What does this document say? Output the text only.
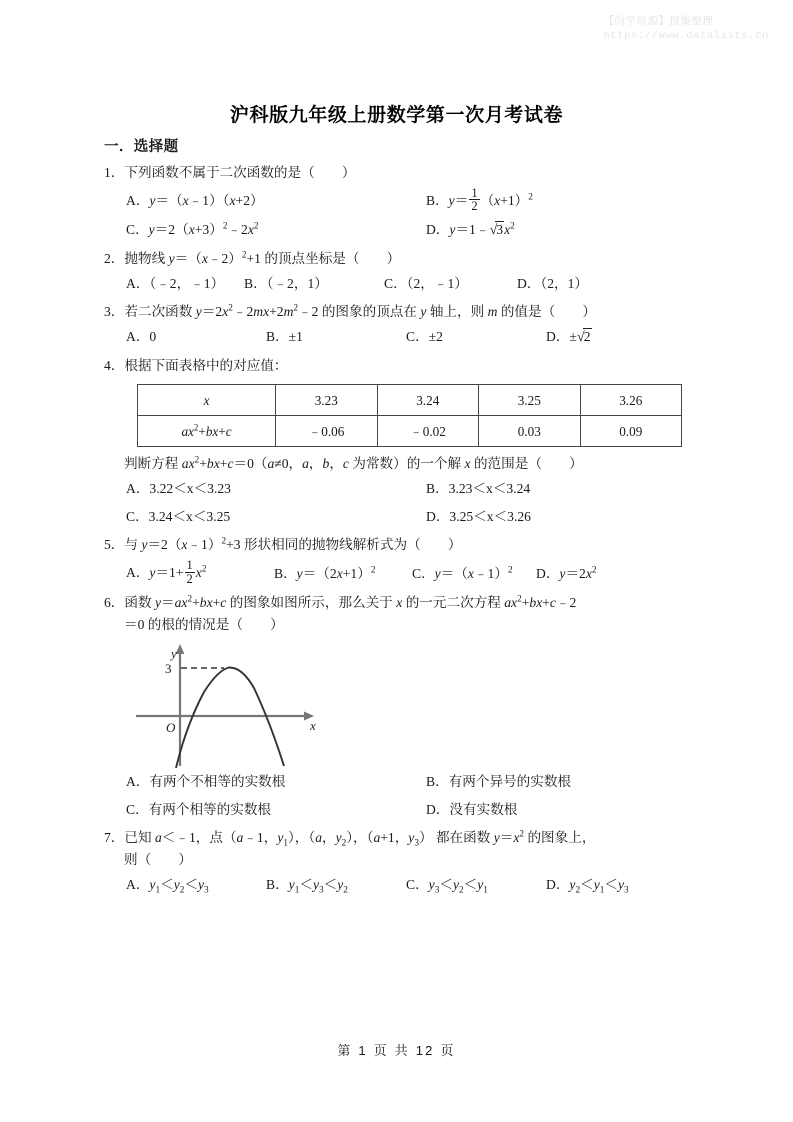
【尚学资源】搜集整理
https://www.datalists.cn
沪科版九年级上册数学第一次月考试卷
一．选择题
1．下列函数不属于二次函数的是（　　）
A．y＝（x﹣1）（x+2）	B．$y= \frac{1}{2} (x+1)^2$
C．$y=2(x+3)^2﹣2x^2$	D．$y=1﹣√3x^2$
2．抛物线 y＝（x﹣2）$^2$+1 的顶点坐标是（　　）
A．（﹣2，﹣1） B．（﹣2，1）	C．（2，﹣1）	D．（2，1）
3．若二次函数 $y=2x^2﹣2mx+2m^2﹣2$ 的图象的顶点在 y 轴上，则 m 的值是（　　）
A．0	B．±1	C．±2	D．±√2
4．根据下面表格中的对应值：
x	3.23	3.24	3.25	3.26
$ax^2+bx+c$	﹣0.06	﹣0.02	0.03	0.09
判断方程 $ax^2+bx+c=0(a\ne 0$，a，b，c 为常数）的一个解 x 的范围是（　　）
A．3.22＜x＜3.23	B．3.23＜x＜3.24
C．3.24＜x＜3.25	D．3.25＜x＜3.26
5．与 y＝2（x﹣1）$^2$+3 形状相同的抛物线解析式为（　　）
A．$y=1+ \frac{1}{2} x^2$	B．$y=(2x+1)^2$	C．y＝（x﹣1）$^2$ D．$y=2x^2$
6．函数 $y=ax^2+bx+c$ 的图象如图所示，那么关于 x 的一元二次方程 $ax^2+bx+c﹣2$
＝0 的根的情况是（　　）
y
x
O
3
A．有两个不相等的实数根	B．有两个异号的实数根
C．有两个相等的实数根	D．没有实数根
7．已知 a＜﹣1，点（a﹣1，$y_1$），（a，$y_2$），（a+1，$y_3$） 都在函数 $y=x^2$ 的图象上，
则（　　）
A．$y_1<y_2<y_3$	B．$y_1<y_3<y_2$	C．$y_3<y_2<y_1$	D．$y_2<y_1<y_3$
第 1 页 共 12 页
